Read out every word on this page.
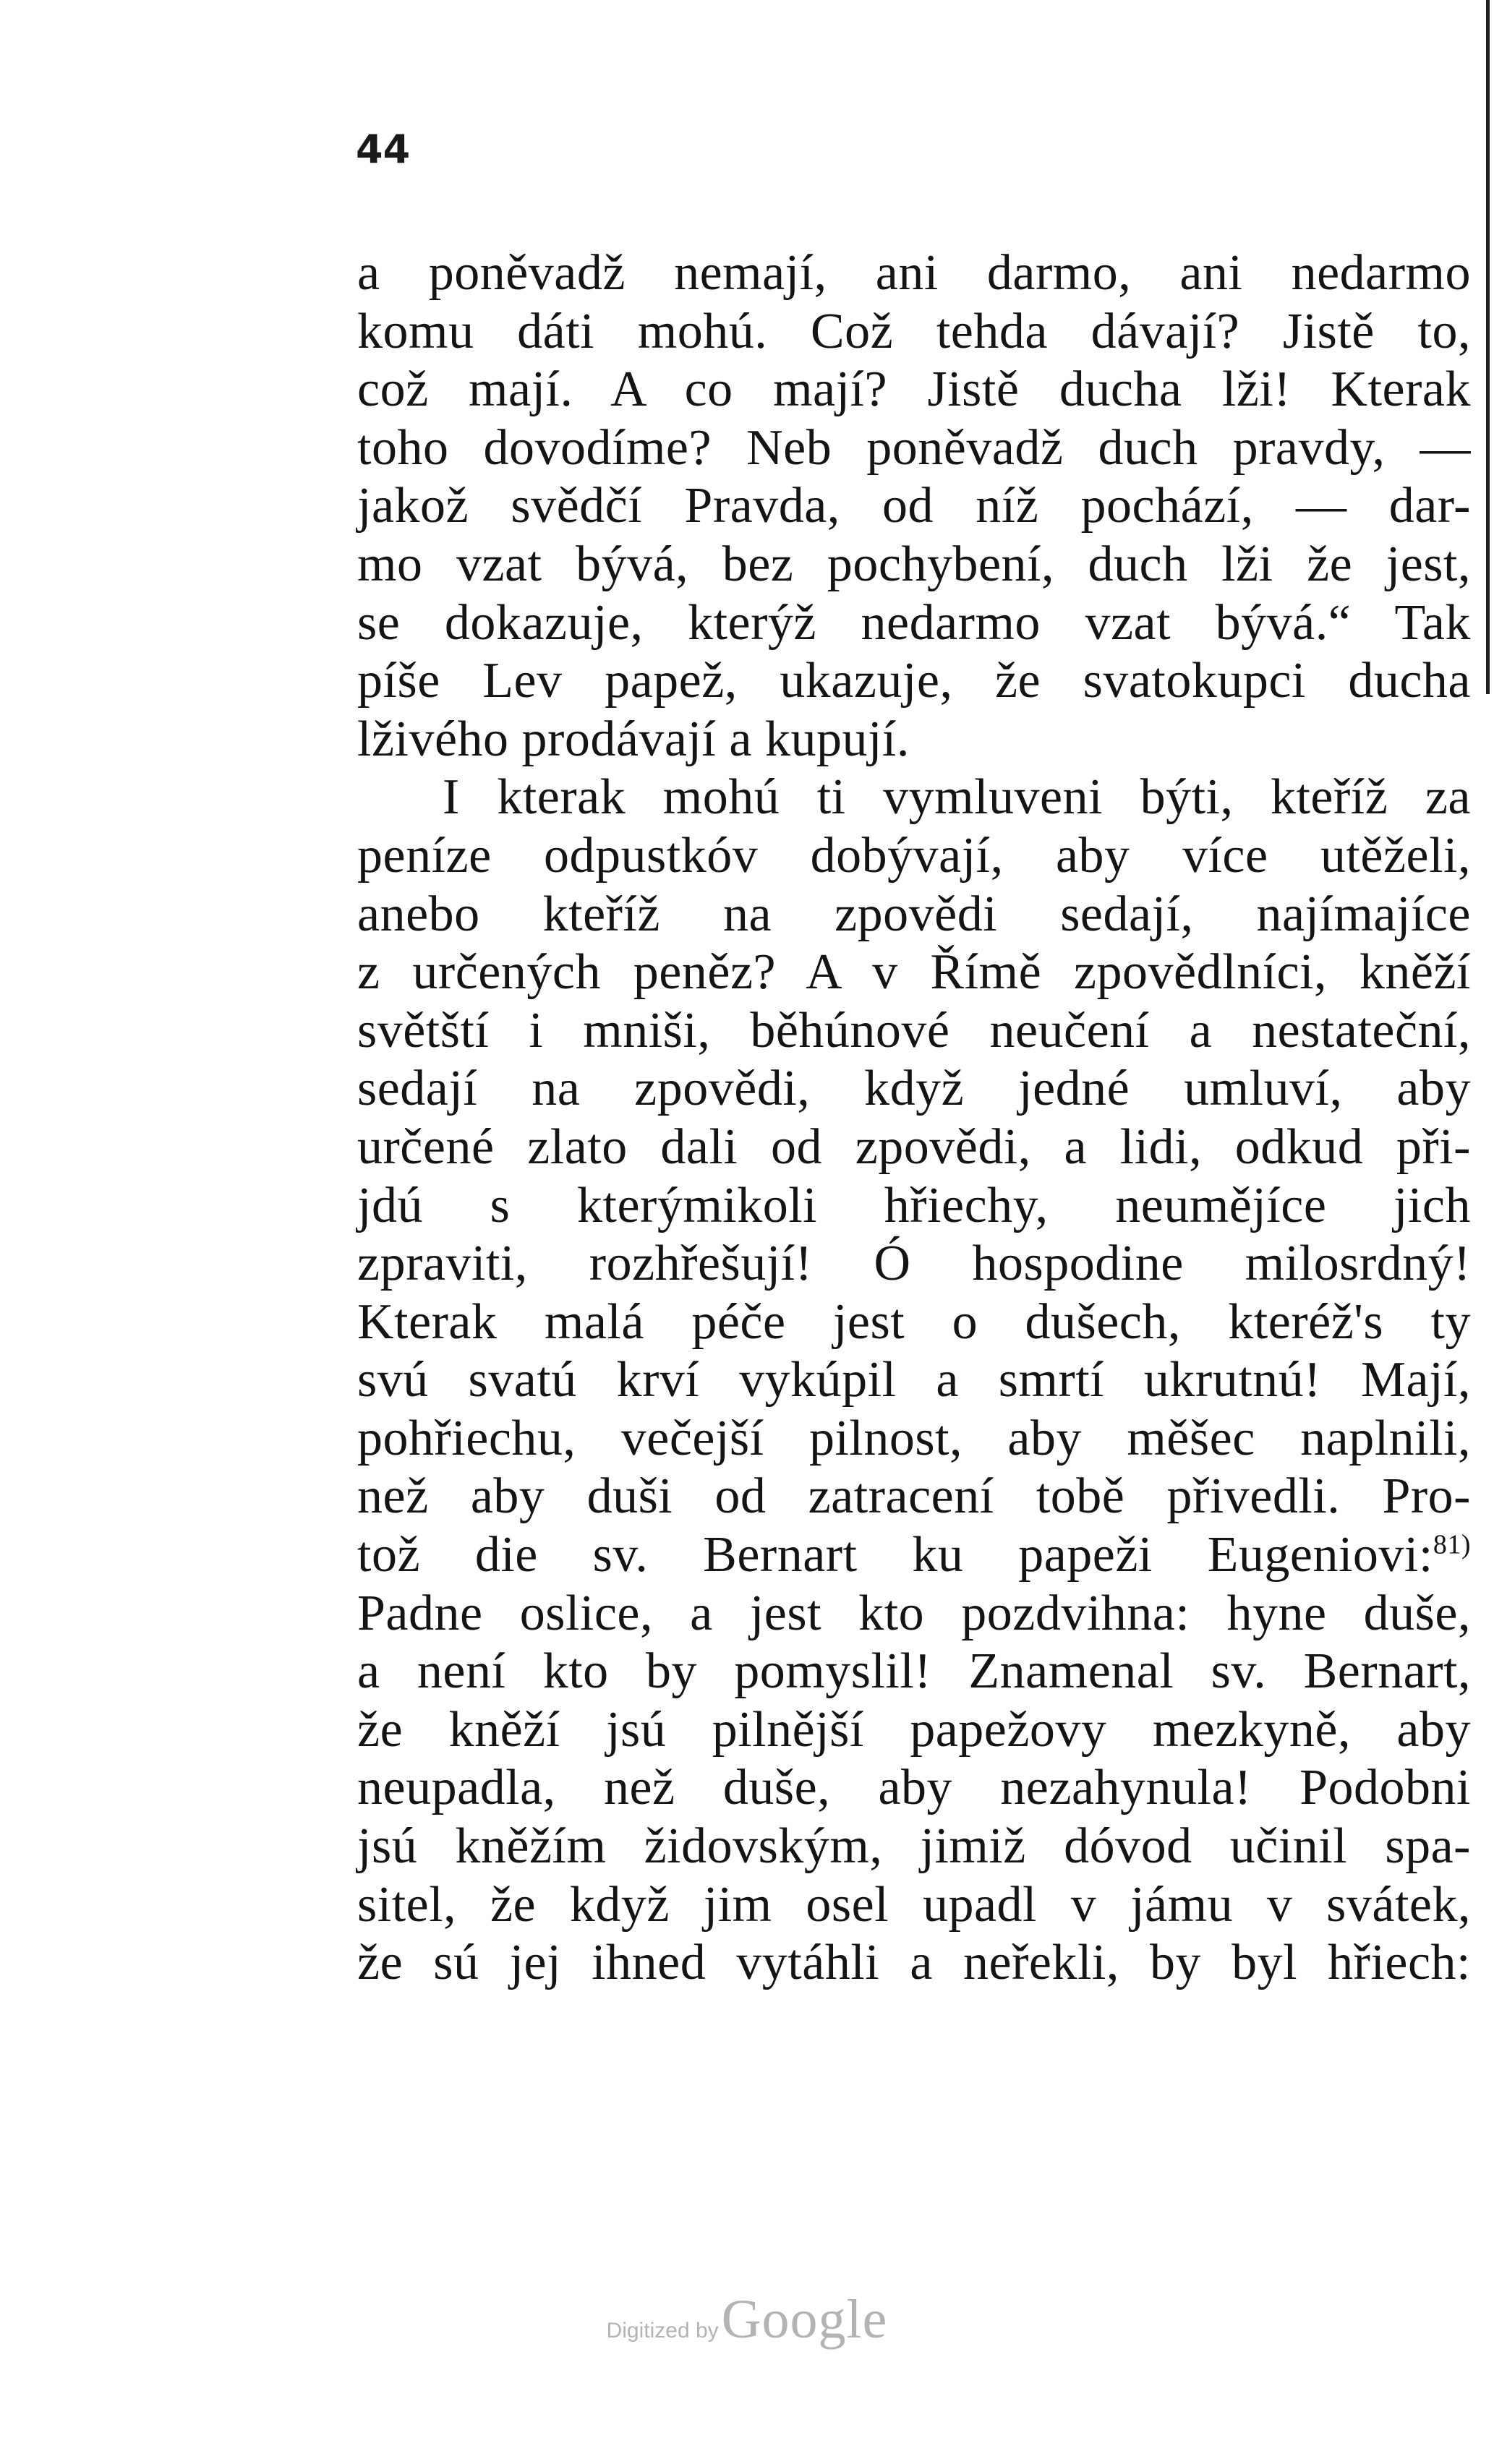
44
a poněvadž nemají, ani darmo, ani nedarmo
komu dáti mohú. Což tehda dávají? Jistě to,
což mají. A co mají? Jistě ducha lži! Kterak
toho dovodíme? Neb poněvadž duch pravdy, —
jakož svědčí Pravda, od níž pochází, — dar-
mo vzat bývá, bez pochybení, duch lži že jest,
se dokazuje, kterýž nedarmo vzat bývá.“ Tak
píše Lev papež, ukazuje, že svatokupci ducha
lživého prodávají a kupují.
I kterak mohú ti vymluveni býti, kteříž za
peníze odpustkóv dobývají, aby více utěželi,
anebo kteříž na zpovědi sedají, najímajíce
z určených peněz? A v Římě zpovědlníci, kněží
světští i mniši, běhúnové neučení a nestateční,
sedají na zpovědi, když jedné umluví, aby
určené zlato dali od zpovědi, a lidi, odkud při-
jdú s kterýmikoli hřiechy, neumějíce jich
zpraviti, rozhřešují! Ó hospodine milosrdný!
Kterak malá péče jest o dušech, kteréž's ty
svú svatú krví vykúpil a smrtí ukrutnú! Mají,
pohřiechu, večejší pilnost, aby měšec naplnili,
než aby duši od zatracení tobě přivedli. Pro-
tož die sv. Bernart ku papeži Eugeniovi:$^{81)}$
Padne oslice, a jest kto pozdvihna: hyne duše,
a není kto by pomyslil! Znamenal sv. Bernart,
že kněží jsú pilnější papežovy mezkyně, aby
neupadla, než duše, aby nezahynula! Podobni
jsú kněžím židovským, jimiž dóvod učinil spa-
sitel, že když jim osel upadl v jámu v svátek,
že sú jej ihned vytáhli a neřekli, by byl hřiech:
Digitized by Google
